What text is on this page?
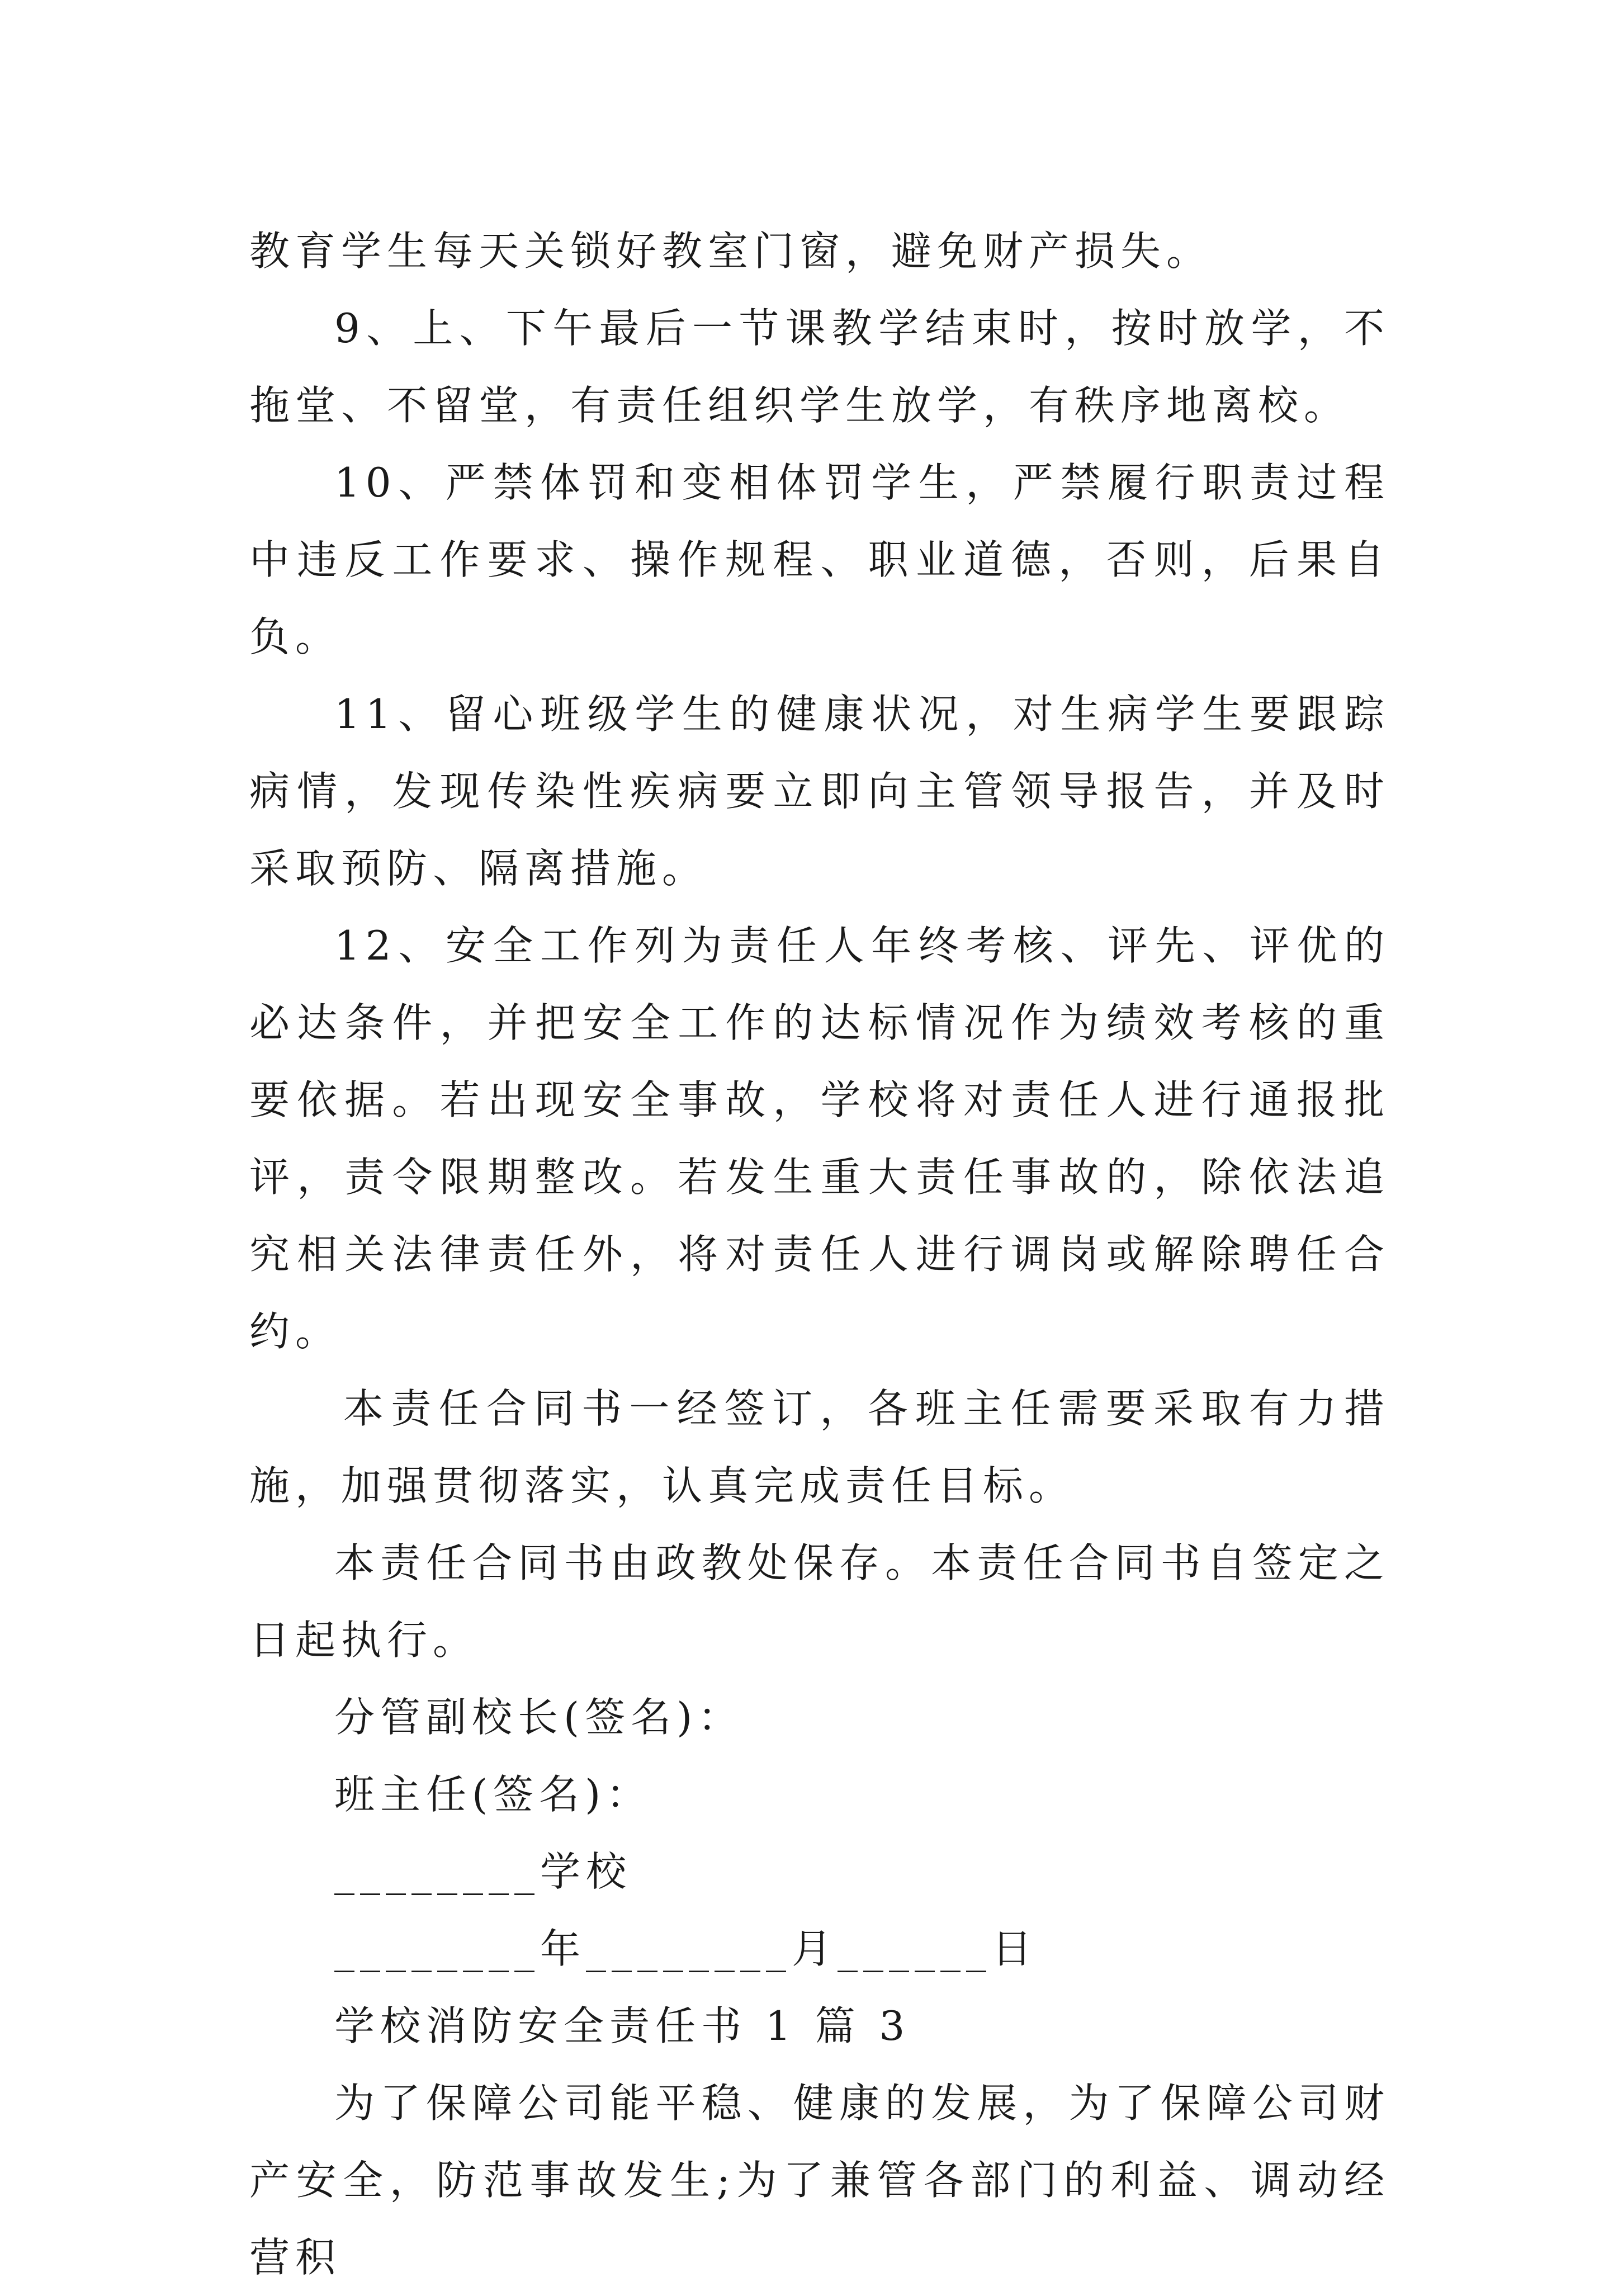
教育学生每天关锁好教室门窗，避免财产损失。

9、上、下午最后一节课教学结束时，按时放学，不拖堂、不留堂，有责任组织学生放学，有秩序地离校。

10、严禁体罚和变相体罚学生，严禁履行职责过程中违反工作要求、操作规程、职业道德，否则，后果自负。

11、留心班级学生的健康状况，对生病学生要跟踪病情，发现传染性疾病要立即向主管领导报告，并及时采取预防、隔离措施。

12、安全工作列为责任人年终考核、评先、评优的必达条件，并把安全工作的达标情况作为绩效考核的重要依据。若出现安全事故，学校将对责任人进行通报批评，责令限期整改。若发生重大责任事故的，除依法追究相关法律责任外，将对责任人进行调岗或解除聘任合约。

本责任合同书一经签订，各班主任需要采取有力措施，加强贯彻落实，认真完成责任目标。

本责任合同书由政教处保存。本责任合同书自签定之日起执行。

分管副校长(签名)：

班主任(签名)：

________学校

________年________月______日

学校消防安全责任书 1 篇 3

为了保障公司能平稳、健康的发展，为了保障公司财产安全，防范事故发生;为了兼管各部门的利益、调动经营积
